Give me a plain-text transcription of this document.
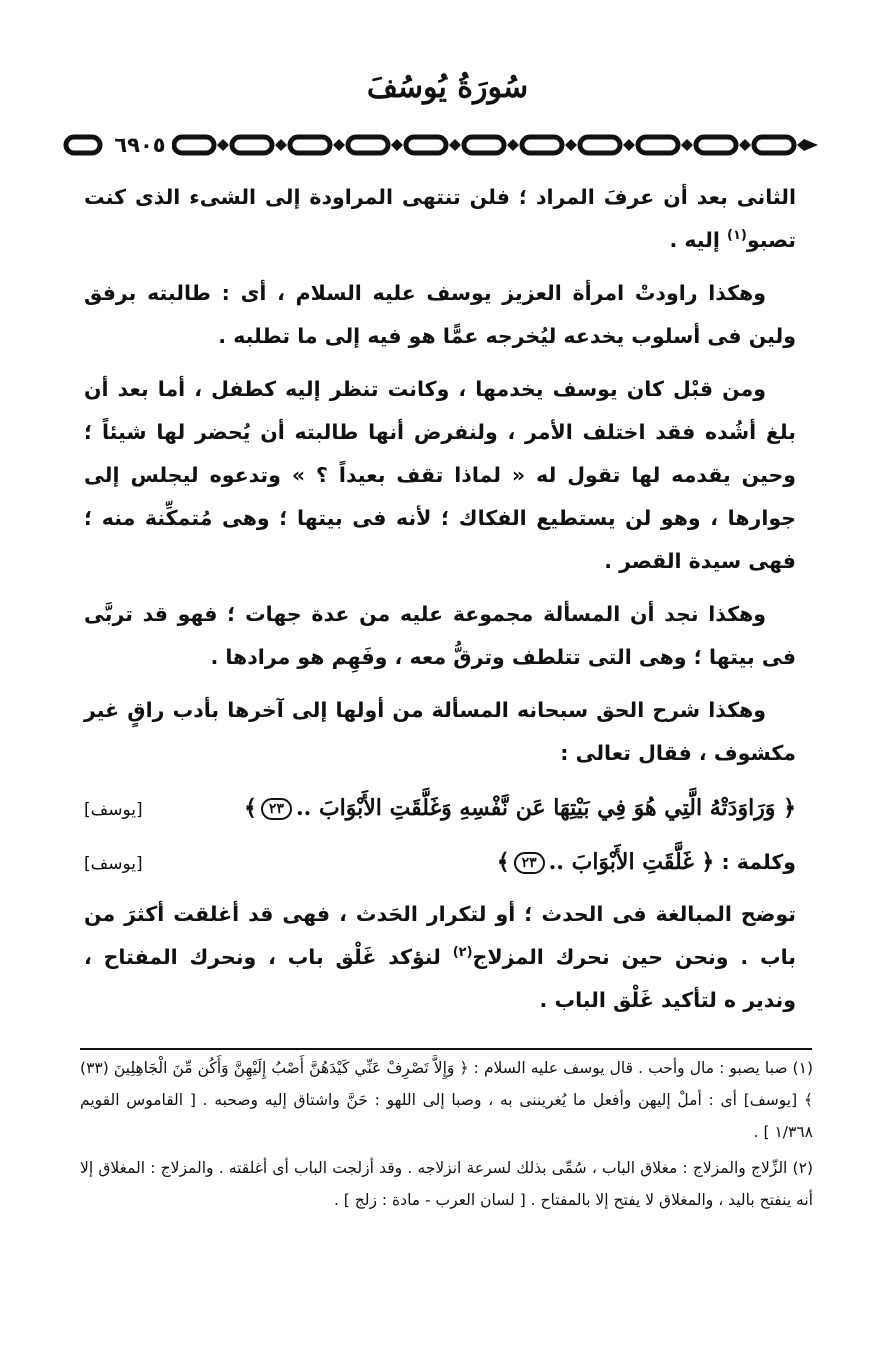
سُورَةُ يُوسُفَ
٦٩٠٥

الثانى بعد أن عرفَ المراد ؛ فلن تنتهى المراودة إلى الشىء الذى كنت تصبو$^{(١)}$ إليه .

وهكذا راودتْ امرأة العزيز يوسف عليه السلام ، أى : طالبته برفق ولين فى أسلوب يخدعه ليُخرجه عمًّا هو فيه إلى ما تطلبه .

ومن قبْل كان يوسف يخدمها ، وكانت تنظر إليه كطفل ، أما بعد أن بلغ أشُده فقد اختلف الأمر ، ولنفرض أنها طالبته أن يُحضر لها شيئاً ؛ وحين يقدمه لها تقول له « لماذا تقف بعيداً ؟ » وتدعوه ليجلس إلى جوارها ، وهو لن يستطيع الفكاك ؛ لأنه فى بيتها ؛ وهى مُتمكِّنة منه ؛ فهى سيدة القصر .

وهكذا نجد أن المسألة مجموعة عليه من عدة جهات ؛ فهو قد تربَّى فى بيتها ؛ وهى التى تتلطف وترقُّ معه ، وفَهِم هو مرادها .

وهكذا شرح الحق سبحانه المسألة من أولها إلى آخرها بأدب راقٍ غير مكشوف ، فقال تعالى :

﴿ وَرَاوَدَتْهُ الَّتِي هُوَ فِي بَيْتِهَا عَن نَّفْسِهِ وَغَلَّقَتِ الأَبْوَابَ ..٢٣﴾
[يوسف]
وكلمة : ﴿ غَلَّقَتِ الأَبْوَابَ ..٢٣﴾
[يوسف]

توضح المبالغة فى الحدث ؛ أو لتكرار الحَدث ، فهى قد أغلقت أكثرَ من باب . ونحن حين نحرك المزلاج$^{(٢)}$ لنؤكد غَلْق باب ، ونحرك المفتاح ، وندير ه لتأكيد غَلْق الباب .

(١) صبا يصبو : مال وأحب . قال يوسف عليه السلام : ﴿ وَإِلاَّ تَصْرِفْ عَنِّي كَيْدَهُنَّ أَصْبُ إِلَيْهِنَّ وَأَكُن مِّنَ الْجَاهِلِينَ (٣٣) ﴾ [يوسف] أى : أملْ إليهن وأفعل ما يُغريننى به ، وصبا إلى اللهو : حَنَّ واشتاق إليه وصحبه . [ القاموس القويم ١/٣٦٨ ] .

(٢) الزِّلاج والمزلاج : مغلاق الباب ، سُمِّى بذلك لسرعة انزلاجه . وقد أزلجت الباب أى أغلقته . والمزلاج : المغلاق إلا أنه ينفتح باليد ، والمغلاق لا يفتح إلا بالمفتاح . [ لسان العرب - مادة : زلج ] .
